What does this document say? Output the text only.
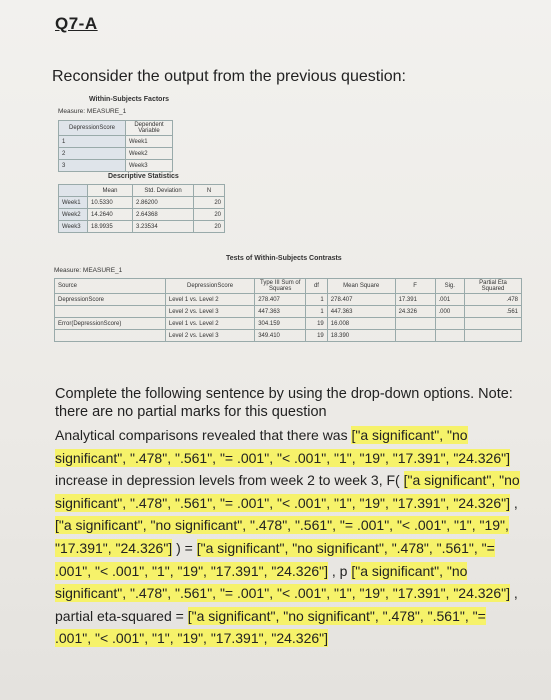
Q7-A
Reconsider the output from the previous question:
Within-Subjects Factors
Measure: MEASURE_1
DepressionScore	Dependent Variable
1	Week1
2	Week2
3	Week3
Descriptive Statistics
	Mean	Std. Deviation	N
Week1	10.5330	2.86200	20
Week2	14.2640	2.64368	20
Week3	18.9935	3.23534	20
Tests of Within-Subjects Contrasts
Measure: MEASURE_1
Source	DepressionScore	Type III Sum of Squares	df	Mean Square	F	Sig.	Partial Eta Squared
DepressionScore	Level 1 vs. Level 2	278.407	1	278.407	17.391	.001	.478
	Level 2 vs. Level 3	447.363	1	447.363	24.326	.000	.561
Error(DepressionScore)	Level 1 vs. Level 2	304.159	19	16.008			
	Level 2 vs. Level 3	349.410	19	18.390			
Complete the following sentence by using the drop-down options. Note: there are no partial marks for this question
Analytical comparisons revealed that there was ["a significant", "no significant", ".478", ".561", "= .001", "< .001", "1", "19", "17.391", "24.326"] increase in depression levels from week 2 to week 3, F( ["a significant", "no significant", ".478", ".561", "= .001", "< .001", "1", "19", "17.391", "24.326"] , ["a significant", "no significant", ".478", ".561", "= .001", "< .001", "1", "19", "17.391", "24.326"] ) = ["a significant", "no significant", ".478", ".561", "= .001", "< .001", "1", "19", "17.391", "24.326"] , p ["a significant", "no significant", ".478", ".561", "= .001", "< .001", "1", "19", "17.391", "24.326"] , partial eta-squared = ["a significant", "no significant", ".478", ".561", "= .001", "< .001", "1", "19", "17.391", "24.326"]
